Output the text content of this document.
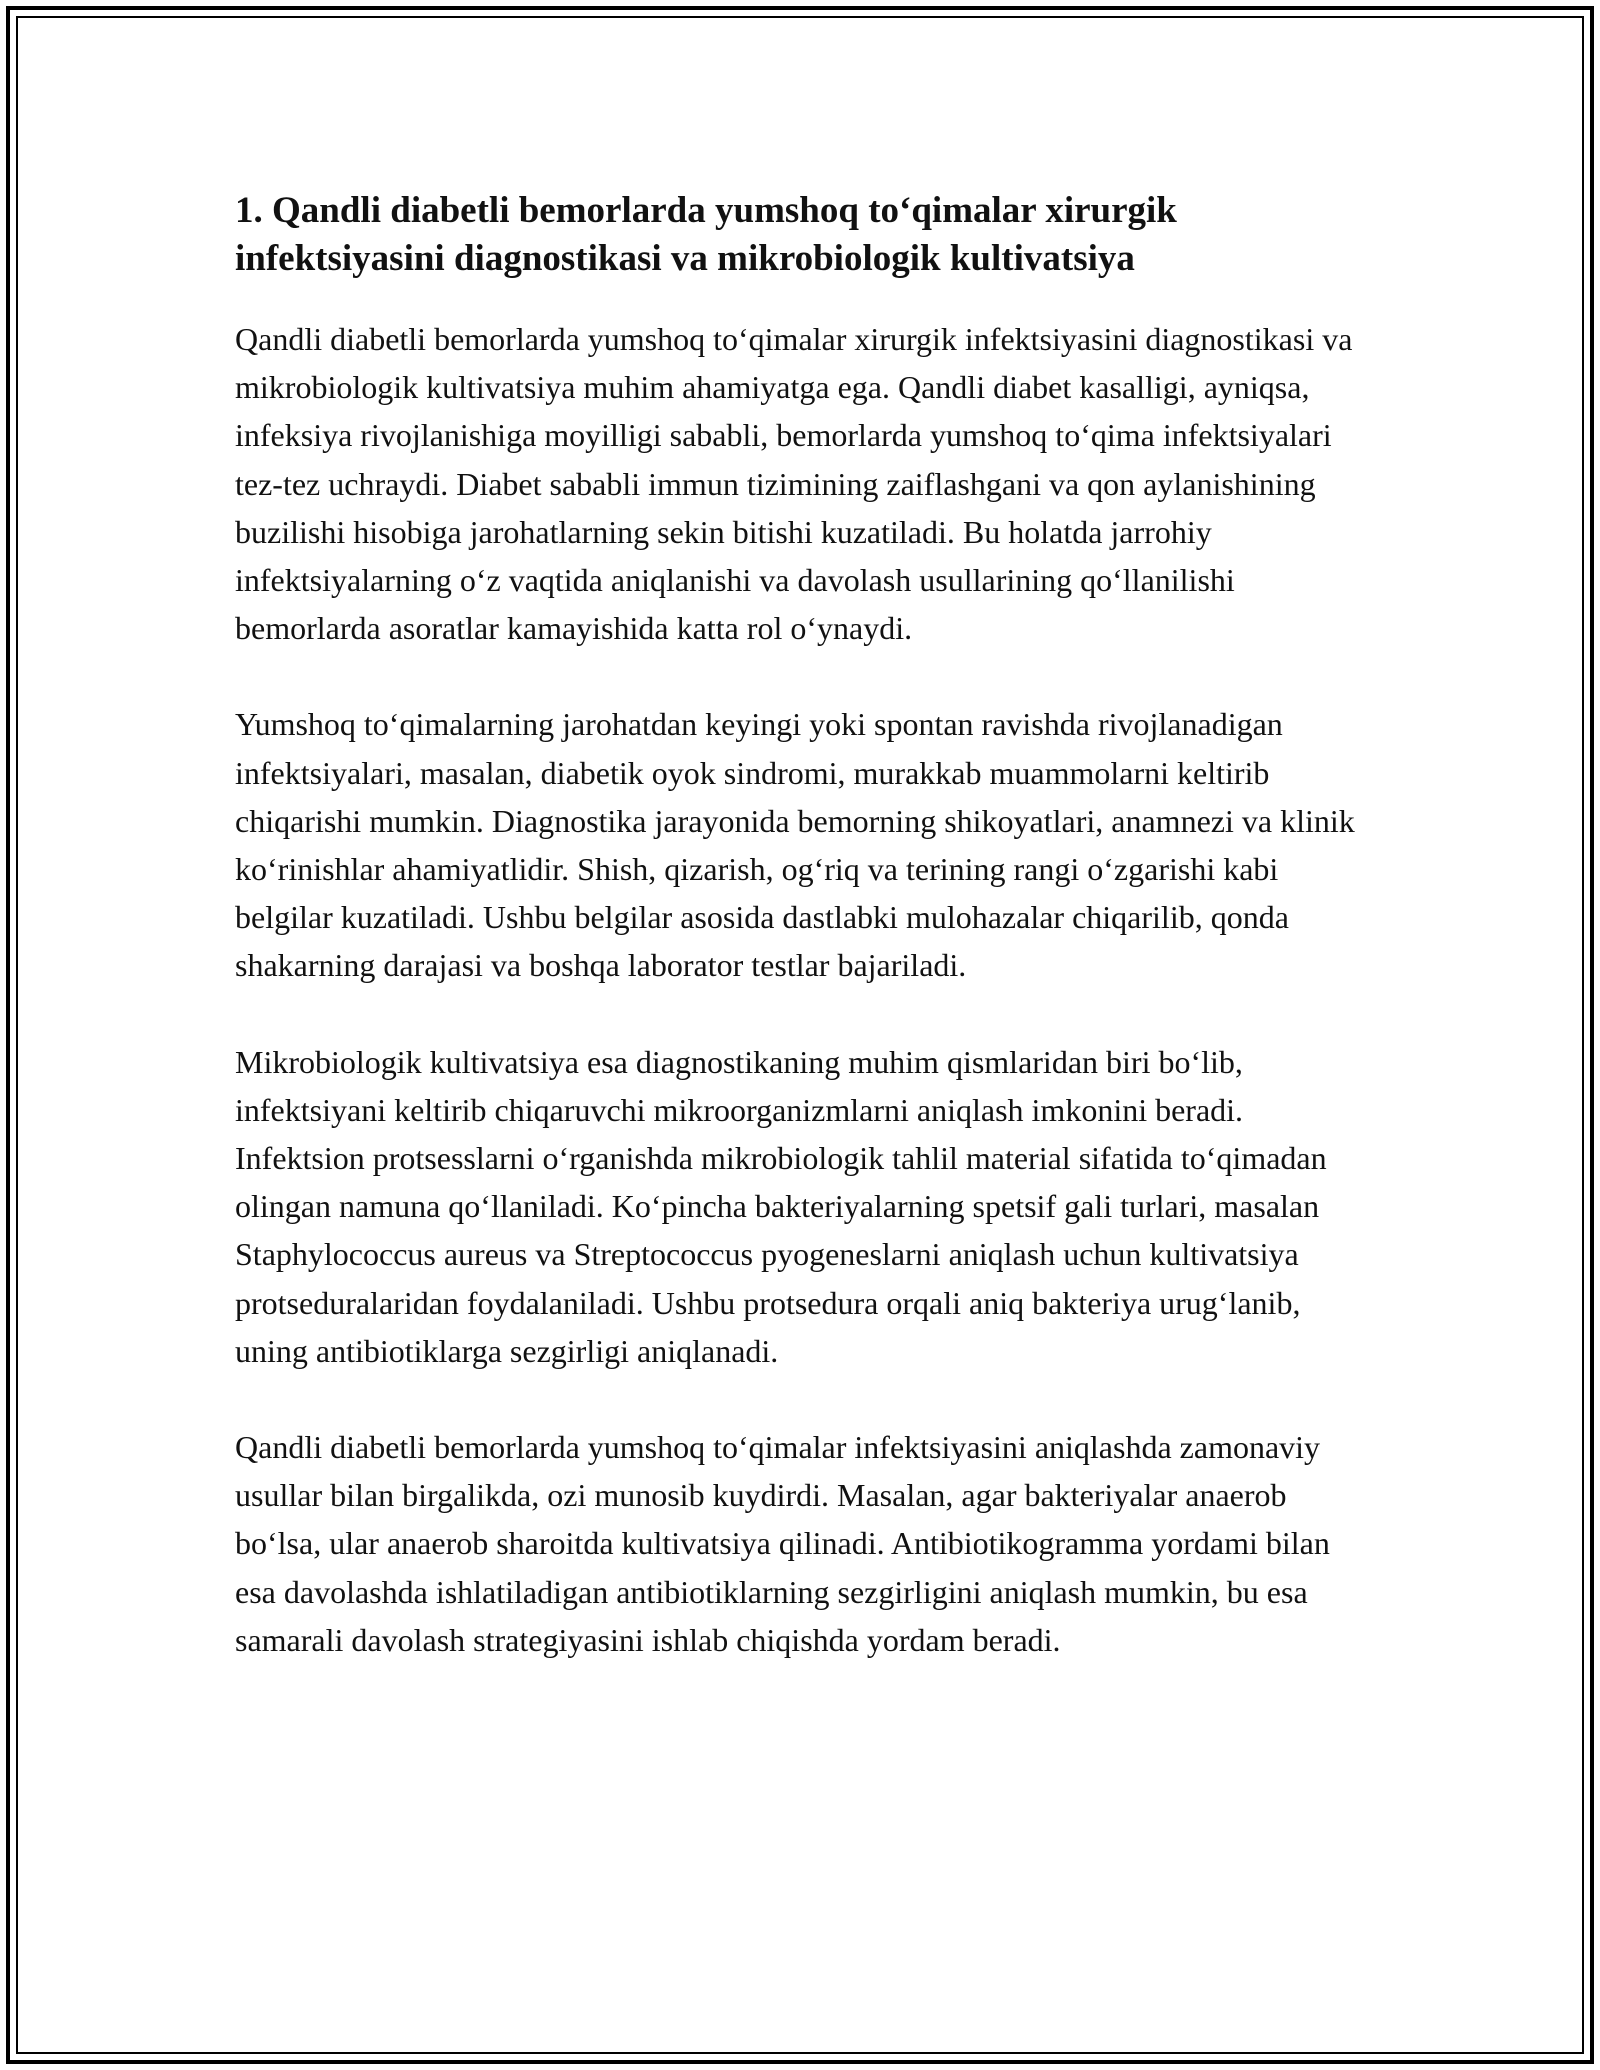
1. Qandli diabetli bemorlarda yumshoq to‘qimalar xirurgik infektsiyasini diagnostikasi va mikrobiologik kultivatsiya

Qandli diabetli bemorlarda yumshoq to‘qimalar xirurgik infektsiyasini diagnostikasi va mikrobiologik kultivatsiya muhim ahamiyatga ega. Qandli diabet kasalligi, ayniqsa, infeksiya rivojlanishiga moyilligi sababli, bemorlarda yumshoq to‘qima infektsiyalari tez-tez uchraydi. Diabet sababli immun tizimining zaiflashgani va qon aylanishining buzilishi hisobiga jarohatlarning sekin bitishi kuzatiladi. Bu holatda jarrohiy infektsiyalarning o‘z vaqtida aniqlanishi va davolash usullarining qo‘llanilishi bemorlarda asoratlar kamayishida katta rol o‘ynaydi.

Yumshoq to‘qimalarning jarohatdan keyingi yoki spontan ravishda rivojlanadigan infektsiyalari, masalan, diabetik oyok sindromi, murakkab muammolarni keltirib chiqarishi mumkin. Diagnostika jarayonida bemorning shikoyatlari, anamnezi va klinik ko‘rinishlar ahamiyatlidir. Shish, qizarish, og‘riq va terining rangi o‘zgarishi kabi belgilar kuzatiladi. Ushbu belgilar asosida dastlabki mulohazalar chiqarilib, qonda shakarning darajasi va boshqa laborator testlar bajariladi.

Mikrobiologik kultivatsiya esa diagnostikaning muhim qismlaridan biri bo‘lib, infektsiyani keltirib chiqaruvchi mikroorganizmlarni aniqlash imkonini beradi. Infektsion protsesslarni o‘rganishda mikrobiologik tahlil material sifatida to‘qimadan olingan namuna qo‘llaniladi. Ko‘pincha bakteriyalarning spetsif gali turlari, masalan Staphylococcus aureus va Streptococcus pyogeneslarni aniqlash uchun kultivatsiya protseduralaridan foydalaniladi. Ushbu protsedura orqali aniq bakteriya urug‘lanib, uning antibiotiklarga sezgirligi aniqlanadi.

Qandli diabetli bemorlarda yumshoq to‘qimalar infektsiyasini aniqlashda zamonaviy usullar bilan birgalikda, ozi munosib kuydirdi. Masalan, agar bakteriyalar anaerob bo‘lsa, ular anaerob sharoitda kultivatsiya qilinadi. Antibiotikogramma yordami bilan esa davolashda ishlatiladigan antibiotiklarning sezgirligini aniqlash mumkin, bu esa samarali davolash strategiyasini ishlab chiqishda yordam beradi.
